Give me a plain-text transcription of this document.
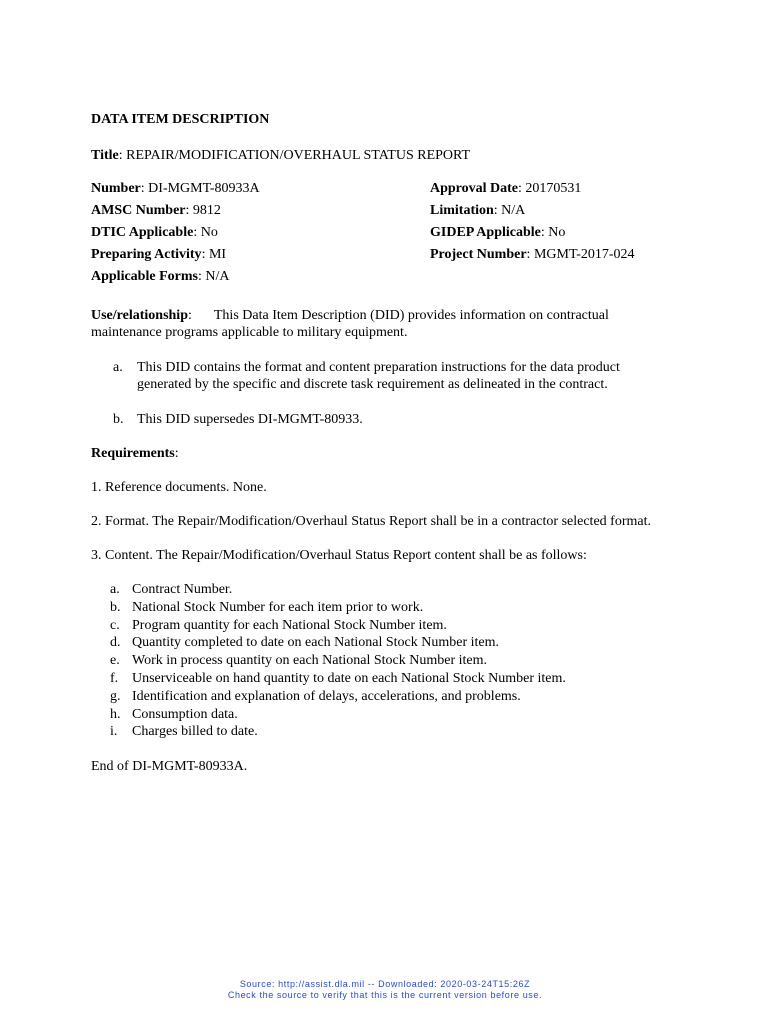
DATA ITEM DESCRIPTION
Title: REPAIR/MODIFICATION/OVERHAUL STATUS REPORT
Number: DI-MGMT-80933A
AMSC Number: 9812
DTIC Applicable: No
Preparing Activity: MI
Applicable Forms: N/A
Approval Date: 20170531
Limitation: N/A
GIDEP Applicable: No
Project Number: MGMT-2017-024
Use/relationship: This Data Item Description (DID) provides information on contractual maintenance programs applicable to military equipment.
a. This DID contains the format and content preparation instructions for the data product generated by the specific and discrete task requirement as delineated in the contract.
b. This DID supersedes DI-MGMT-80933.
Requirements:
1. Reference documents. None.
2. Format. The Repair/Modification/Overhaul Status Report shall be in a contractor selected format.
3. Content. The Repair/Modification/Overhaul Status Report content shall be as follows:
a. Contract Number.
b. National Stock Number for each item prior to work.
c. Program quantity for each National Stock Number item.
d. Quantity completed to date on each National Stock Number item.
e. Work in process quantity on each National Stock Number item.
f. Unserviceable on hand quantity to date on each National Stock Number item.
g. Identification and explanation of delays, accelerations, and problems.
h. Consumption data.
i. Charges billed to date.
End of DI-MGMT-80933A.
Source: http://assist.dla.mil -- Downloaded: 2020-03-24T15:26Z
Check the source to verify that this is the current version before use.
